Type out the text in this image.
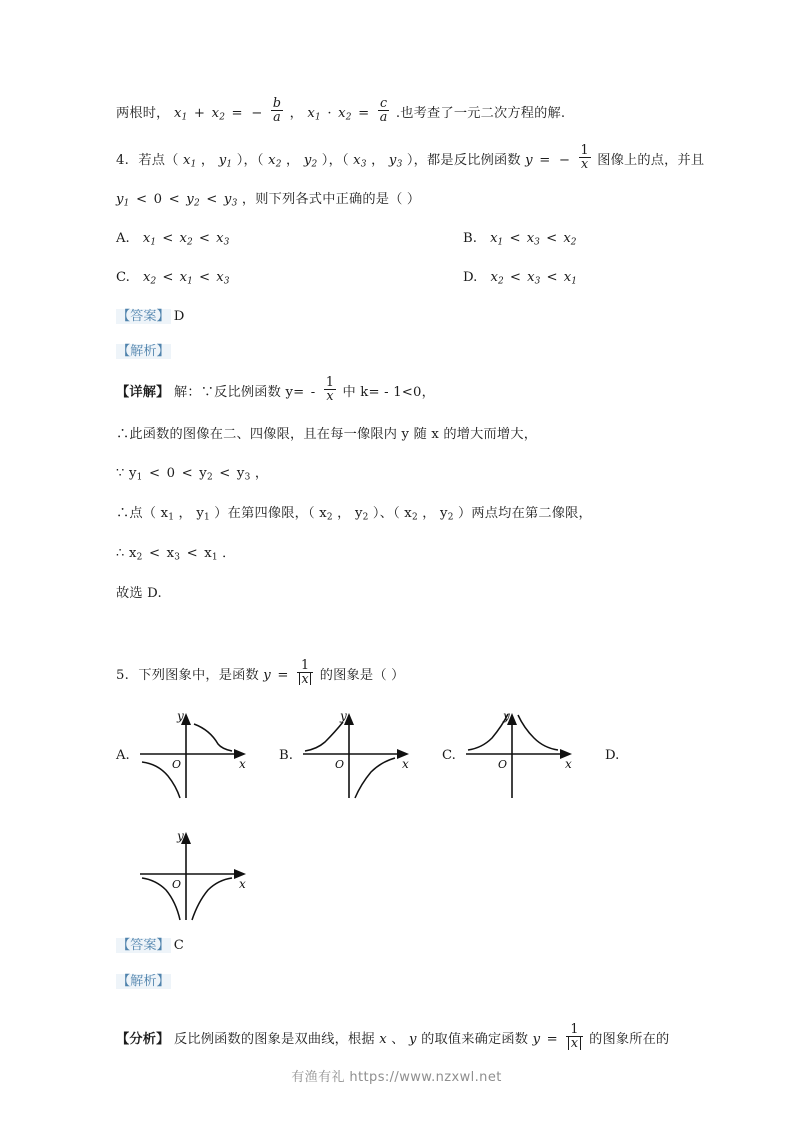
两根时， $x_1 + x_2$ = − $\frac{b}{a}$ ， $x_1 \cdot x_2 = \frac{c}{a}$ .也考查了一元二次方程的解.
4. 若点（ $x_1$ ， $y_1$ ），（ $x_2$ ， $y_2$ ），（ $x_3$ ， $y_3$ ），都是反比例函数 y = − $\frac{1}{x}$ 图像上的点，并且
$y_1 < 0 < y_2 < y_3$ ，则下列各式中正确的是（ ）
A. $x_1 < x_2 < x_3$	B. $x_1 < x_3 < x_2$
C. $x_2 < x_1 < x_3$	D. $x_2 < x_3 < x_1$
【答案】 D
【解析】
【详解】 解：∵反比例函数 $y= - \frac{1}{x}$ 中 k= - 1<0，
∴此函数的图像在二、四像限，且在每一像限内 y 随 x 的增大而增大，
∵ $y_1 < 0 < y_2 < y_3$ ，
∴点（ $x_1$ ， $y_1$ ）在第四像限，（ $x_2$ ， $y_2$ ）、（ $x_2$ ， $y_2$ ）两点均在第二像限，
∴ $x_2 < x_3 < x_1$ ．
故选 D.
5. 下列图象中，是函数 $y = \frac{1}{x}$ 的图象是（ ）
A.
y
x
O
B.
y
x
O
C.
y
x
O
D.
y
x
O
【答案】 C
【解析】
【分析】 反比例函数的图象是双曲线，根据 x 、 y 的取值来确定函数 $y = \frac{1}{x}$ 的图象所在的
有渔有礼 https://www.nzxwl.net
